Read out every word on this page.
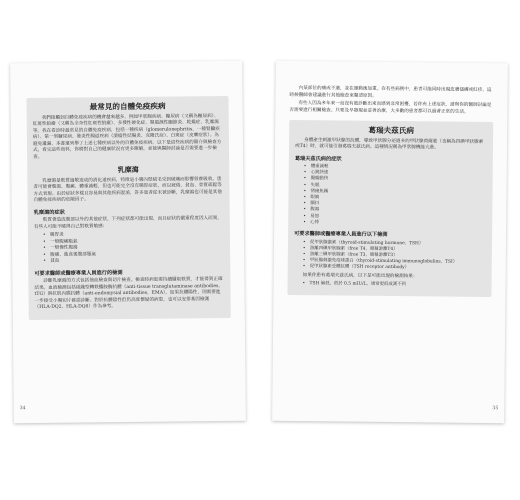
最常見的自體免疫疾病

我們接觸到自體免疫疾病的機會越來越多，例如甲狀腺疾病、糖尿病（又稱為糖尿病）、紅斑性狼瘡（又稱為全身性紅斑性狼瘡）、多發性硬化症、類風濕性關節炎、乾燥症、乳糜瀉等。我在看診時最常見的自體免疫疾病，包括一種疾病（glomerulonephritis，一種腎臟疾病）、第一型糖尿病、發炎性腸道疾病（潰瘍性結腸炎、克隆氏症）、白斑症（皮膚症狀）。為避免遺漏，本書還列舉了上述七種疾病以外的自體免疫疾病。以下是這些疾病的簡介與檢查方式。看完這些資料，你將對自己的健康狀況有更多瞭解，並能與醫師討論是否需要進一步檢查。

乳糜瀉

乳糜瀉是麩質過敏造成的消化道疾病，特徵是小腸內壁絨毛受到破壞而影響營養吸收。患者可能會腹瀉、腹痛、體重減輕，但也可能完全沒有腸胃症狀，而以疲倦、貧血、骨質疏鬆等方式表現。由於症狀多樣且容易與其他疾病混淆，許多患者從未被診斷，乳糜瀉也可能是其他自體免疫疾病的危險因子。

乳糜瀉的症狀

麩質會造成腹部以外的其他症狀，下列症狀都可能出現，而且症狀的嚴重程度因人而異，有些人可能不曉得自己對麩質敏感：

• 腸胃炎
• 一般腹痛脹氣
• 一般慢性腹瀉
• 腹痛、進食後腹部脹氣
• 貧血
可要求醫師或醫療專業人員進行的檢測

診斷乳糜瀉的方式包括抽血檢查與切片檢查。檢查時病患需持續攝取麩質，才能得到正確結果。血液檢測包括組織型轉麩醯胺酶抗體（anti-tissue transglutaminase antibodies，tTG）與抗肌內膜抗體（anti-endomysial antibodies，EMA），如果抗體陽性，則需要進一步接受小腸切片確認診斷。對於抗體陰性但仍高度懷疑的病患，也可以安排基因檢測（HLA-DQ2、HLA-DQ8）作為參考。

34

內某部位的痛或不適，並在運動後加重。在有些病例中，患者可能同時出現皮膚搔癢或紅疹，這時候醫師會建議進行其他檢查來釐清原因。

有些人因為多年來一直沒有被診斷出來而感到非常困擾，若你有上述症狀，請與你的醫師討論是否需要進行相關檢查。只要及早發現並妥善治療，大多數的患者都可以過著正常的生活。

葛瑞夫茲氏病

身體產生刺激甲狀腺的抗體，導致甲狀腺分泌過多的甲狀腺荷爾蒙（也稱為四碘甲狀腺素或T4）時，就可能引發葛瑞夫茲氏病。這種情況稱為甲狀腺機能亢進。

葛瑞夫茲氏病的症狀
• 體重減輕
• 心跳快速
• 腸蠕動快
• 失眠
• 情緒焦躁
• 眼睛
• 顫抖
• 腹瀉
• 易怒
• 心悸
可要求醫師或醫療專業人員進行以下檢測
• 促甲狀腺激素（thyroid-stimulating hormone，TSH）
• 游離四碘甲狀腺素（free T4，簡稱游離T4）
• 游離三碘甲狀腺素（free T3，簡稱游離T3）
• 甲狀腺刺激免疫球蛋白（thyroid-stimulating immunoglobulins，TSI）
• 促甲狀腺素受體抗體（TSH receptor antibody）

如果你患有葛瑞夫茲氏病，以下是可能出現的檢測結果：

• TSH 偏低，低於 0.5 mIU/L，通常更低或測不到
35
